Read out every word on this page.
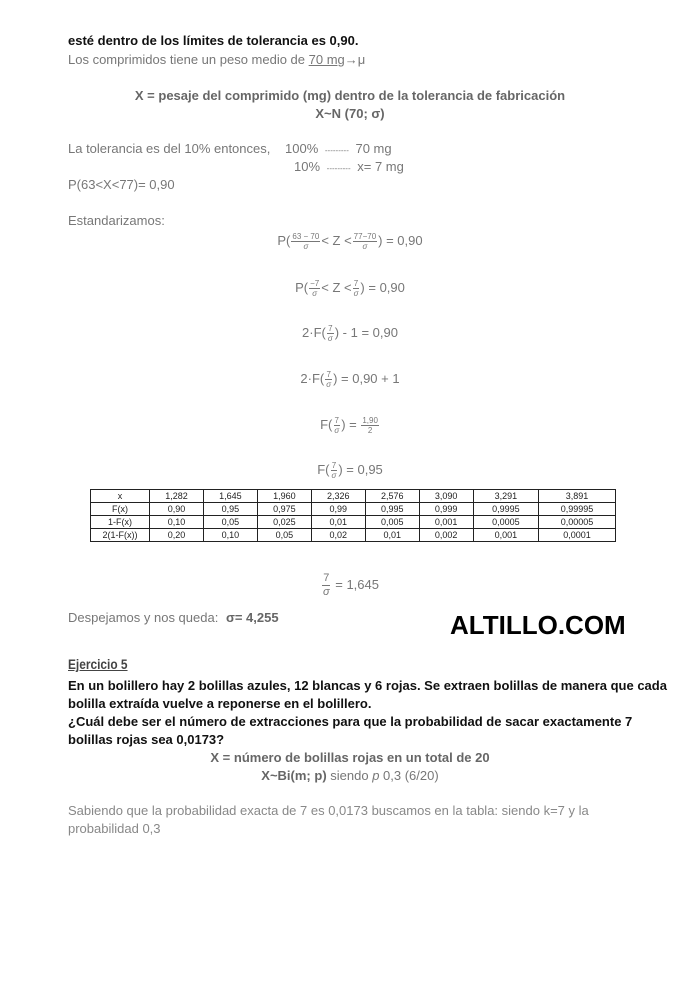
esté dentro de los límites de tolerancia es 0,90.
Los comprimidos tiene un peso medio de 70 mg→μ
X = pesaje del comprimido (mg) dentro de la tolerancia de fabricación
X~N (70; σ)
La tolerancia es del 10% entonces, 100% --------- 70 mg
10% --------- x= 7 mg
P(63<X<77)= 0,90
Estandarizamos:
$P( \frac{63 - 70}{\sigma} < Z < \frac{77-70}{\sigma}$ ) = 0,90
$P( \frac{-7}{\sigma} < Z < \frac{7}{\sigma}$ ) = 0,90
$2\cdot F( \frac{7}{\sigma}$ ) - 1 = 0,90
$2\cdot F( \frac{7}{\sigma}$ ) = 0,90 + 1
$F( \frac{7}{\sigma}$ ) = $\frac{1,90}{2}$
$F( \frac{7}{\sigma}$ ) = 0,95
x	1,282	1,645	1,960	2,326	2,576	3,090	3,291	3,891
F(x)	0,90	0,95	0,975	0,99	0,995	0,999	0,9995	0,99995
1-F(x)	0,10	0,05	0,025	0,01	0,005	0,001	0,0005	0,00005
2(1-F(x))	0,20	0,10	0,05	0,02	0,01	0,002	0,001	0,0001
$\frac{7}{\sigma} = 1,645$
Despejamos y nos queda: σ= 4,255	ALTILLO.COM
Ejercicio 5
En un bolillero hay 2 bolillas azules, 12 blancas y 6 rojas. Se extraen bolillas de manera que cada
bolilla extraída vuelve a reponerse en el bolillero.
¿Cuál debe ser el número de extracciones para que la probabilidad de sacar exactamente 7
bolillas rojas sea 0,0173?
X = número de bolillas rojas en un total de 20
X~Bi(m; p) siendo p 0,3 (6/20)
Sabiendo que la probabilidad exacta de 7 es 0,0173 buscamos en la tabla: siendo k=7 y la
probabilidad 0,3
